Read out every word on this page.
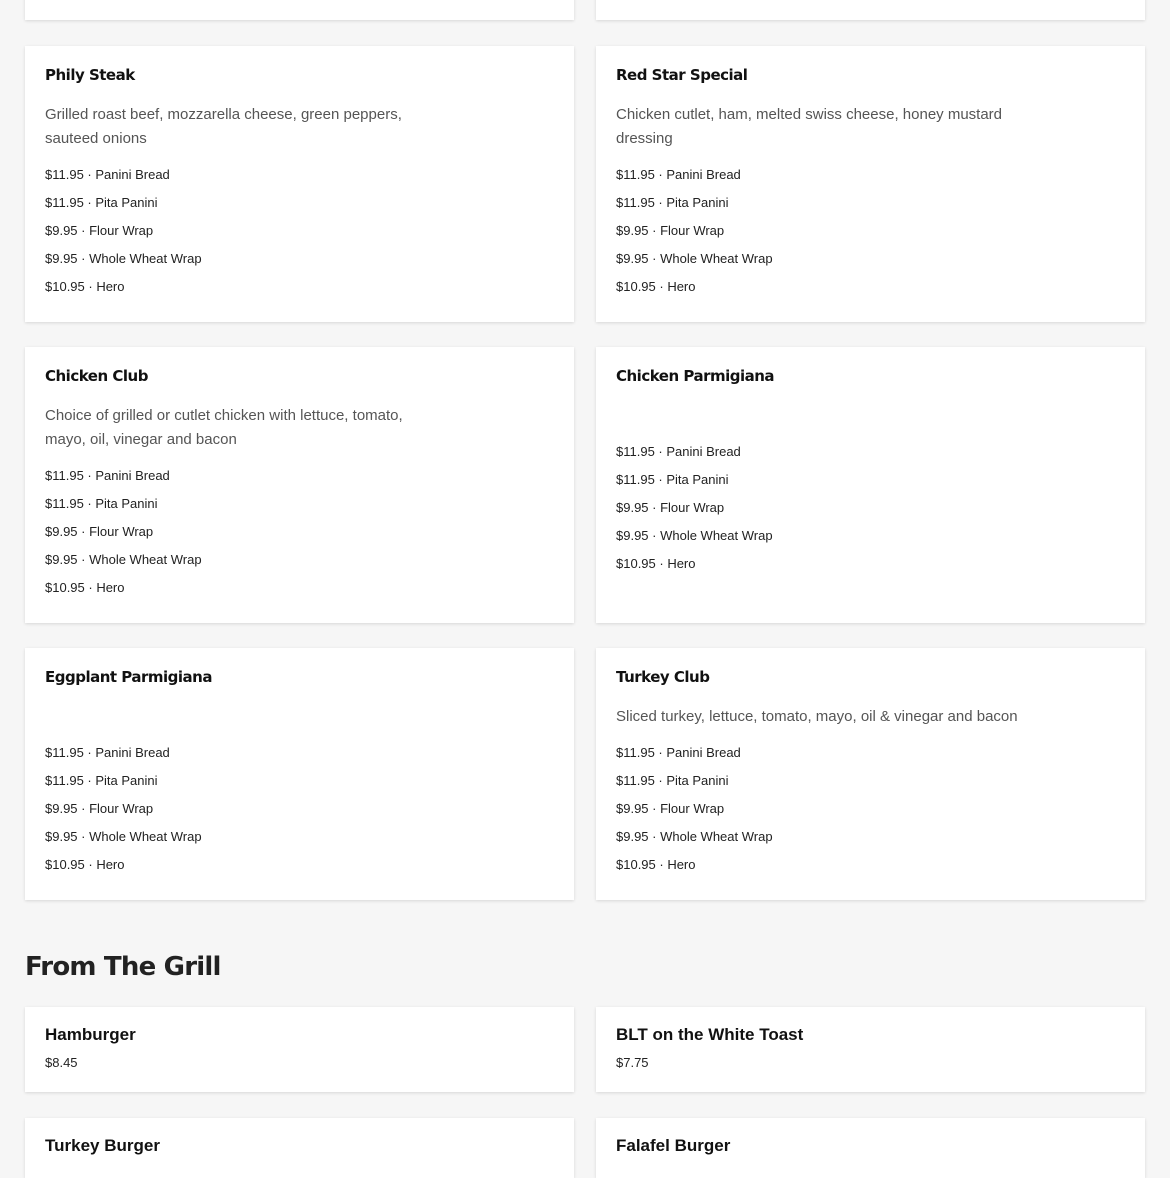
Phily Steak

Grilled roast beef, mozzarella cheese, green peppers, sauteed onions

$11.95 · Panini Bread
$11.95 · Pita Panini
$9.95 · Flour Wrap
$9.95 · Whole Wheat Wrap
$10.95 · Hero
Red Star Special

Chicken cutlet, ham, melted swiss cheese, honey mustard dressing

$11.95 · Panini Bread
$11.95 · Pita Panini
$9.95 · Flour Wrap
$9.95 · Whole Wheat Wrap
$10.95 · Hero
Chicken Club

Choice of grilled or cutlet chicken with lettuce, tomato, mayo, oil, vinegar and bacon

$11.95 · Panini Bread
$11.95 · Pita Panini
$9.95 · Flour Wrap
$9.95 · Whole Wheat Wrap
$10.95 · Hero
Chicken Parmigiana

$11.95 · Panini Bread
$11.95 · Pita Panini
$9.95 · Flour Wrap
$9.95 · Whole Wheat Wrap
$10.95 · Hero
Eggplant Parmigiana

$11.95 · Panini Bread
$11.95 · Pita Panini
$9.95 · Flour Wrap
$9.95 · Whole Wheat Wrap
$10.95 · Hero
Turkey Club

Sliced turkey, lettuce, tomato, mayo, oil & vinegar and bacon

$11.95 · Panini Bread
$11.95 · Pita Panini
$9.95 · Flour Wrap
$9.95 · Whole Wheat Wrap
$10.95 · Hero
From The Grill
Hamburger
$8.45
BLT on the White Toast
$7.75
Turkey Burger	Falafel Burger
